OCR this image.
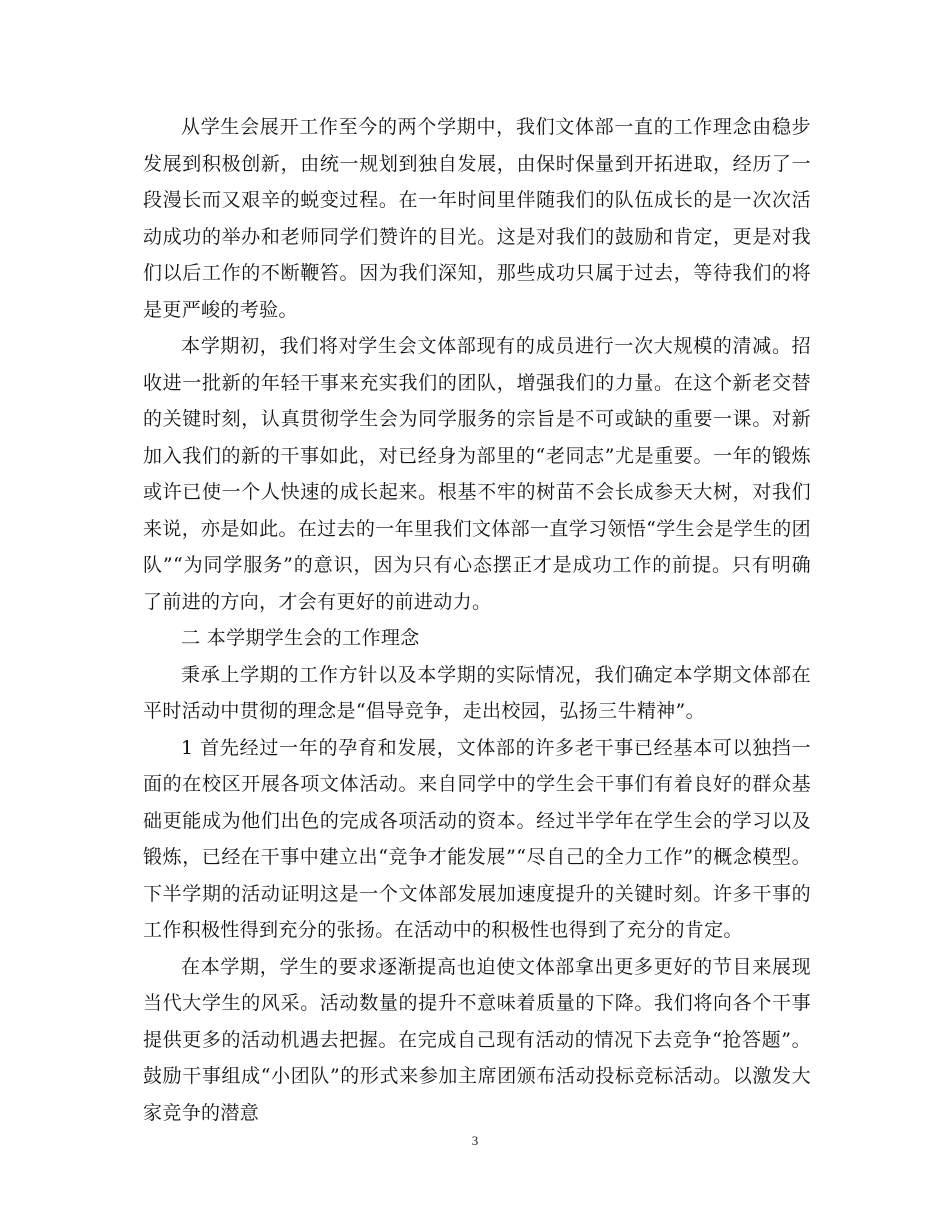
从学生会展开工作至今的两个学期中，我们文体部一直的工作理念由稳步发展到积极创新，由统一规划到独自发展，由保时保量到开拓进取，经历了一段漫长而又艰辛的蜕变过程。在一年时间里伴随我们的队伍成长的是一次次活动成功的举办和老师同学们赞许的目光。这是对我们的鼓励和肯定，更是对我们以后工作的不断鞭笞。因为我们深知，那些成功只属于过去，等待我们的将是更严峻的考验。

本学期初，我们将对学生会文体部现有的成员进行一次大规模的清减。招收进一批新的年轻干事来充实我们的团队，增强我们的力量。在这个新老交替的关键时刻，认真贯彻学生会为同学服务的宗旨是不可或缺的重要一课。对新加入我们的新的干事如此，对已经身为部里的“老同志”尤是重要。一年的锻炼或许已使一个人快速的成长起来。根基不牢的树苗不会长成参天大树，对我们来说，亦是如此。在过去的一年里我们文体部一直学习领悟“学生会是学生的团队”“为同学服务”的意识，因为只有心态摆正才是成功工作的前提。只有明确了前进的方向，才会有更好的前进动力。

二 本学期学生会的工作理念

秉承上学期的工作方针以及本学期的实际情况，我们确定本学期文体部在平时活动中贯彻的理念是“倡导竞争，走出校园，弘扬三牛精神”。

1 首先经过一年的孕育和发展，文体部的许多老干事已经基本可以独挡一面的在校区开展各项文体活动。来自同学中的学生会干事们有着良好的群众基础更能成为他们出色的完成各项活动的资本。经过半学年在学生会的学习以及锻炼，已经在干事中建立出“竞争才能发展”“尽自己的全力工作”的概念模型。下半学期的活动证明这是一个文体部发展加速度提升的关键时刻。许多干事的工作积极性得到充分的张扬。在活动中的积极性也得到了充分的肯定。

在本学期，学生的要求逐渐提高也迫使文体部拿出更多更好的节目来展现当代大学生的风采。活动数量的提升不意味着质量的下降。我们将向各个干事提供更多的活动机遇去把握。在完成自己现有活动的情况下去竞争“抢答题”。鼓励干事组成“小团队”的形式来参加主席团颁布活动投标竞标活动。以激发大家竞争的潜意

3
